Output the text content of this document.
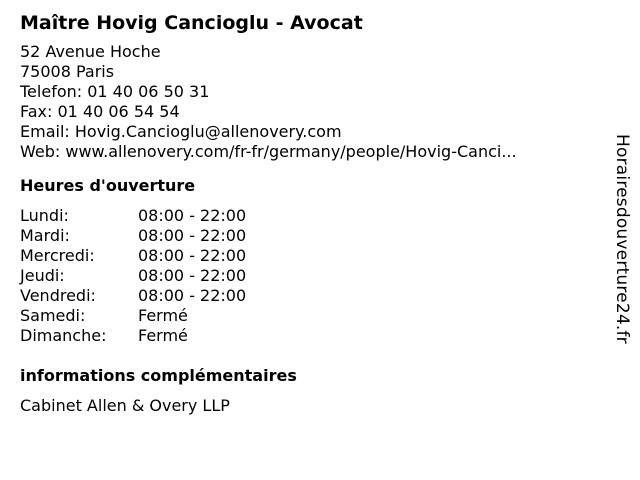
Maître Hovig Cancioglu - Avocat
52 Avenue Hoche
75008 Paris
Telefon: 01 40 06 50 31
Fax: 01 40 06 54 54
Email: Hovig.Cancioglu@allenovery.com
Web: www.allenovery.com/fr-fr/germany/people/Hovig-Canci...
Heures d'ouverture
Lundi:	08:00 - 22:00
Mardi:	08:00 - 22:00
Mercredi:	08:00 - 22:00
Jeudi:	08:00 - 22:00
Vendredi:	08:00 - 22:00
Samedi:	Fermé
Dimanche:	Fermé
informations complémentaires
Cabinet Allen & Overy LLP
Horairesdouverture24.fr
